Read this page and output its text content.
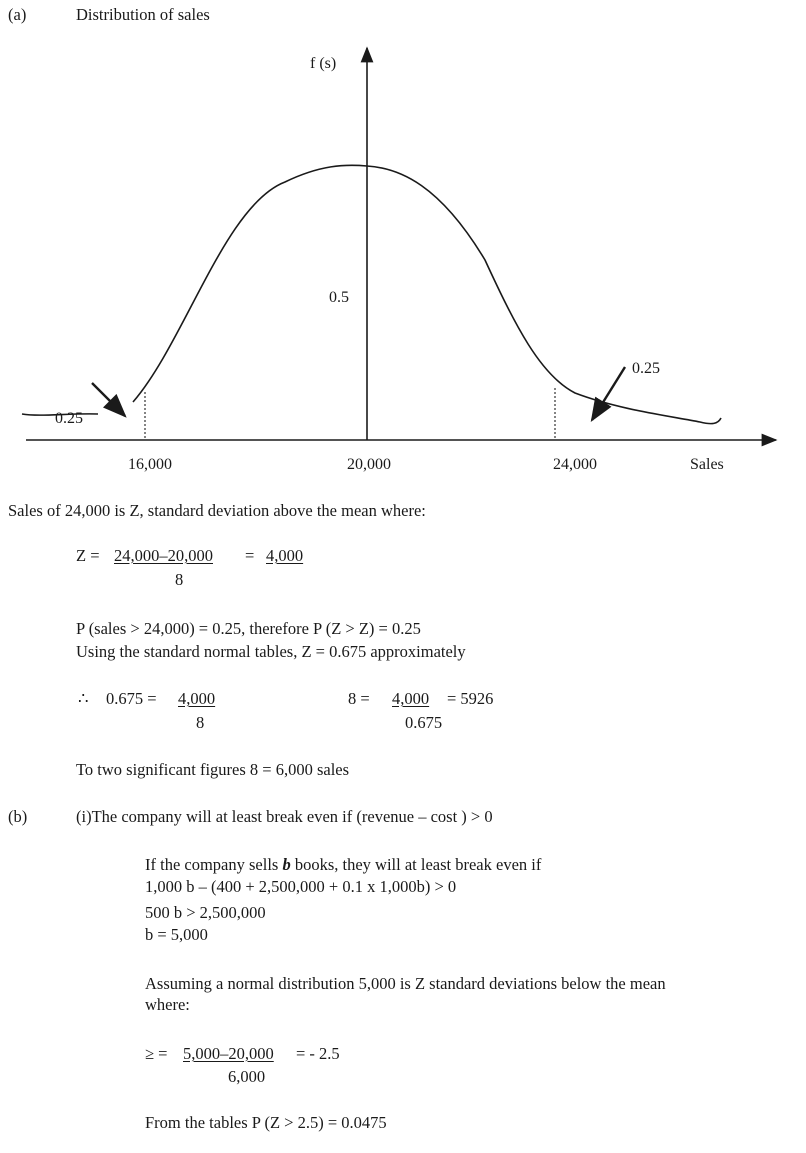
(a)	Distribution of sales
f (s)
0.5
0.25
0.25
16,000	20,000	24,000	Sales
Sales of 24,000 is Z, standard deviation above the mean where:
Z = 24,000–20,000 = 4,000
8
P (sales > 24,000) = 0.25, therefore P (Z > Z) = 0.25
Using the standard normal tables, Z = 0.675 approximately
∴ 0.675 = 4,000
8
8 = 4,000 = 5926
0.675
To two significant figures 8 = 6,000 sales
(b)	(i)The company will at least break even if (revenue – cost ) > 0
If the company sells b books, they will at least break even if
1,000 b – (400 + 2,500,000 + 0.1 x 1,000b) > 0
500 b > 2,500,000
b = 5,000
Assuming a normal distribution 5,000 is Z standard deviations below the mean
where:
≥ = 5,000–20,000 = - 2.5
6,000
From the tables P (Z > 2.5) = 0.0475
